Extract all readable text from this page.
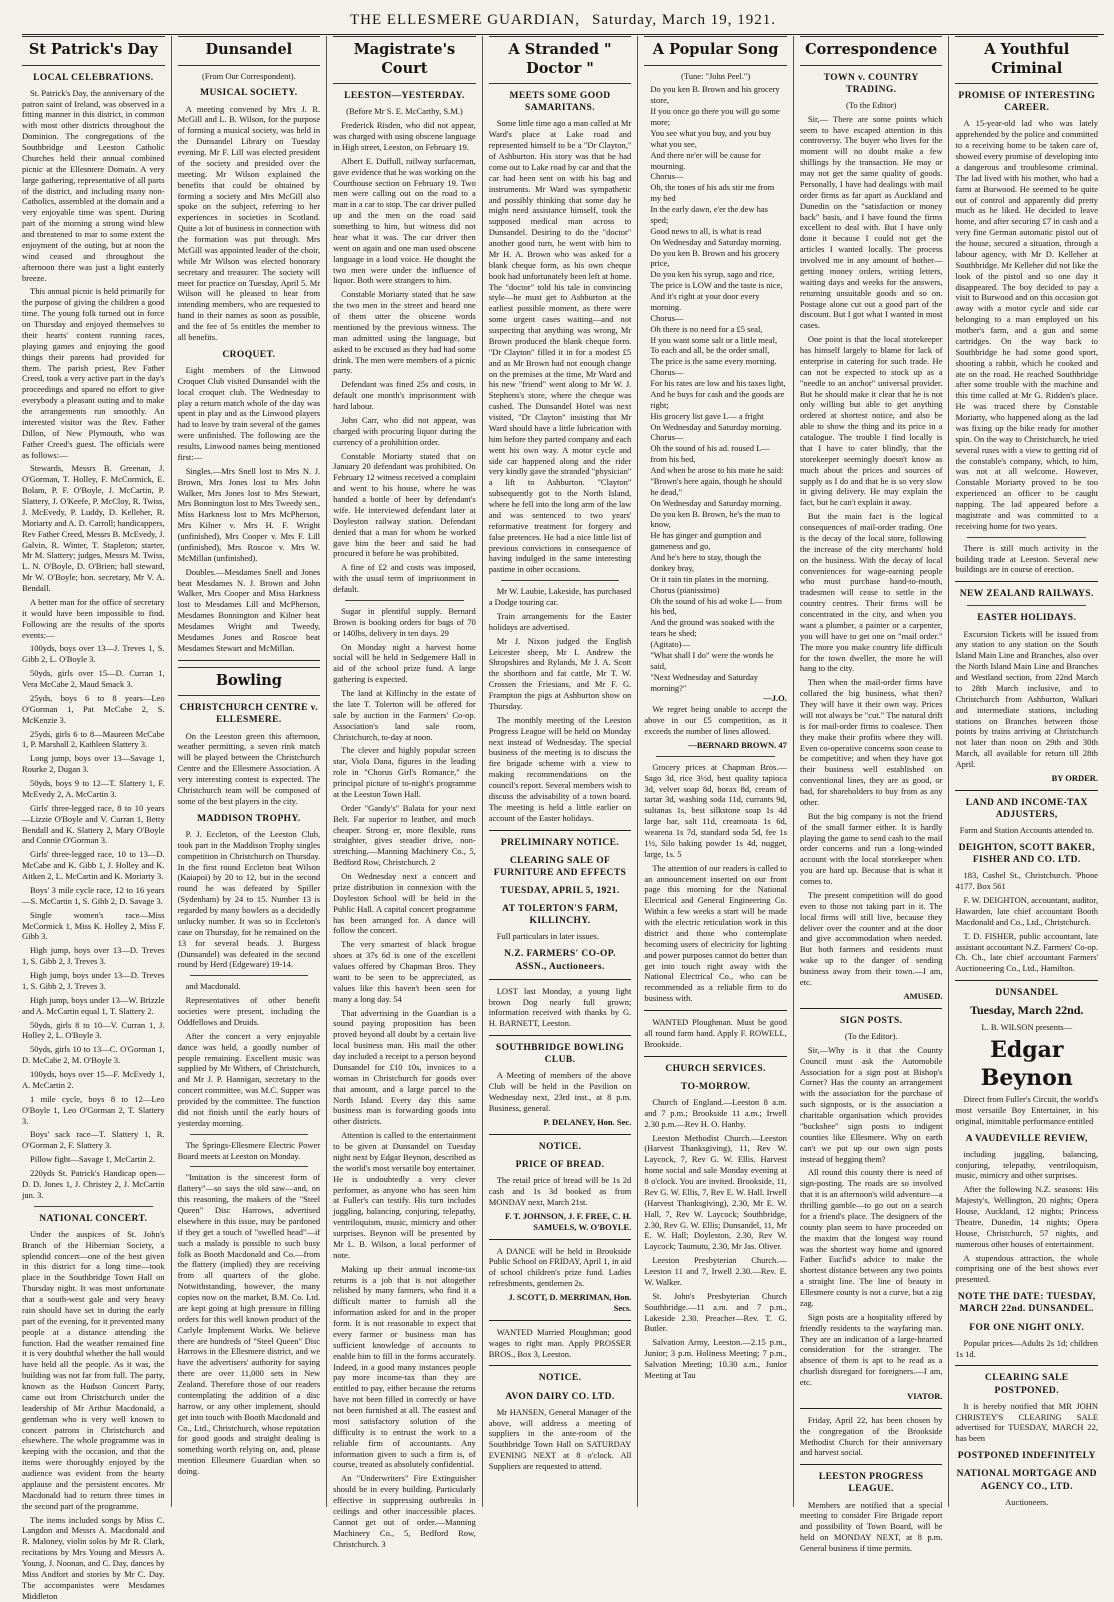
THE ELLESMERE GUARDIAN, Saturday, March 19, 1921.
St Patrick's Day
LOCAL CELEBRATIONS.

St. Patrick's Day, the anniversary of the patron saint of Ireland, was observed in a fitting manner in this district, in common with most other districts throughout the Dominion. The congregations of the Southbridge and Leeston Catholic Churches held their annual combined picnic at the Ellesmere Domain. A very large gathering, representative of all parts of the district, and including many non-Catholics, assembled at the domain and a very enjoyable time was spent. During part of the morning a strong wind blew and threatened to mar to some extent the enjoyment of the outing, but at noon the wind ceased and throughout the afternoon there was just a light easterly breeze.

This annual picnic is held primarily for the purpose of giving the children a good time. The young folk turned out in force on Thursday and enjoyed themselves to their hearts' content running races, playing games and enjoying the good things their parents had provided for them. The parish priest, Rev Father Creed, took a very active part in the day's proceedings and spared no effort to give everybody a pleasant outing and to make the arrangements run smoothly. An interested visitor was the Rev. Father Dillon, of New Plymouth, who was Father Creed's guest. The officials were as follows:—

Stewards, Messrs B. Greenan, J. O'Gorman, T. Holley, F. McCormick, E. Bolam, P. F. O'Boyle, J. McCartin, P. Slattery, J. O'Keefe, P. McCloy, R. Twiss, J. McEvedy, P. Luddy, D. Kelleher, R. Moriarty and A. D. Carroll; handicappers, Rev Father Creed, Messrs B. McEvedy, J. Galvin, R. Winter, T. Stapleton; starter, Mr M. Slattery; judges, Messrs M. Twiss, L. N. O'Boyle, D. O'Brien; ball steward, Mr W. O'Boyle; hon. secretary, Mr V. A. Bendall.

A better man for the office of secretary it would have been impossible to find. Following are the results of the sports events:—

100yds, boys over 13—J. Treves 1, S. Gibb 2, L. O'Boyle 3.

50yds, girls over 15—D. Curran 1, Vera McCabe 2, Maud Smack 3.

25yds, boys 6 to 8 years—Leo O'Gorman 1, Pat McCabe 2, S. McKenzie 3.

25yds, girls 6 to 8—Maureen McCabe 1, P. Marshall 2, Kathleen Slattery 3.

Long jump, boys over 13—Savage 1, Rourke 2, Dugan 3.

50yds, boys 9 to 12—T. Slattery 1, F. McEvedy 2, A. McCartin 3.

Girls' three-legged race, 8 to 10 years—Lizzie O'Boyle and V. Curran 1, Betty Bendall and K. Slattery 2, Mary O'Boyle and Connie O'Gorman 3.

Girls' three-legged race, 10 to 13—D. McCabe and K. Gibb 1, J. Holley and K. Aitken 2, L. McCartin and K. Moriarty 3.

Boys' 3 mile cycle race, 12 to 16 years—S. McCartin 1, S. Gibb 2, D. Savage 3.

Single women's race—Miss McCormick 1, Miss K. Holley 2, Miss F. Gibb 3.

High jump, boys over 13—D. Treves 1, S. Gibb 2, J. Treves 3.

High jump, boys under 13—D. Treves 1, S. Gibb 2, J. Treves 3.

High jump, boys under 13—W. Brizzle and A. McCartin equal 1, T. Slattery 2.

50yds, girls 8 to 10—V. Curran 1, J. Holley 2, L. O'Boyle 3.

50yds, girls 10 to 13—C. O'Gorman 1, D. McCabe 2, M. O'Boyle 3.

100yds, boys over 15—F. McEvedy 1, A. McCartin 2.

1 mile cycle, boys 8 to 12—Leo O'Boyle 1, Leo O'Gorman 2, T. Slattery 3.

Boys' sack race—T. Slattery 1, R. O'Gorman 2, F. Slattery 3.

Pillow fight—Savage 1, McCartin 2.

220yds St. Patrick's Handicap open—D. D. Jones 1, J. Christey 2, J. McCartin jun. 3.

NATIONAL CONCERT.

Under the auspices of St. John's Branch of the Hibernian Society, a splendid concert—one of the best given in this district for a long time—took place in the Southbridge Town Hall on Thursday night. It was most unfortunate that a south-west gale and very heavy rain should have set in during the early part of the evening, for it prevented many people at a distance attending the function. Had the weather remained fine it is very doubtful whether the hall would have held all the people. As it was, the building was not far from full. The party, known as the Hudson Concert Party, came out from Christchurch under the leadership of Mr Arthur Macdonald, a gentleman who is very well known to concert patrons in Christchurch and elsewhere. The whole programme was in keeping with the occasion, and that the items were thoroughly enjoyed by the audience was evident from the hearty applause and the persistent encores. Mr Macdonald had to return three times in the second part of the programme.

The items included songs by Miss C. Langdon and Messrs A. Macdonald and R. Maloney, violin solos by Mr R. Clark, recitations by Mrs Young and Messrs A. Young, J. Noonan, and C. Day, dances by Miss Andfort and stories by Mr C. Day. The accompanistes were Mesdames Middleton

Dunsandel
(From Our Correspondent).
MUSICAL SOCIETY.

A meeting convened by Mrs J. R. McGill and L. B. Wilson, for the purpose of forming a musical society, was held in the Dunsandel Library on Tuesday evening. Mr F. Lill was elected president of the society and presided over the meeting. Mr Wilson explained the benefits that could be obtained by forming a society and Mrs McGill also spoke on the subject, referring to her experiences in societies in Scotland. Quite a lot of business in connection with the formation was put through. Mrs McGill was appointed leader of the choir, while Mr Wilson was elected honorary secretary and treasurer. The society will meet for practice on Tuesday, April 5. Mr Wilson will be pleased to hear from intending members, who are requested to hand in their names as soon as possible, and the fee of 5s entitles the member to all benefits.

CROQUET.

Eight members of the Linwood Croquet Club visited Dunsandel with the local croquet club. The Wednesday to play a return match whole of the day was spent in play and as the Linwood players had to leave by train several of the games were unfinished. The following are the results, Linwood names being mentioned first:—

Singles.—Mrs Snell lost to Mrs N. J. Brown, Mrs Jones lost to Mrs John Walker, Mrs Jones lost to Mrs Stewart, Mrs Bonnington lost to Mrs Tweedy sen., Miss Harkness lost to Mrs McPherson, Mrs Kilner v. Mrs H. F. Wright (unfinished), Mrs Cooper v. Mrs F. Lill (unfinished), Mrs Roscoe v. Mrs W. McMillan (unfinished).

Doubles.—Mesdames Snell and Jones beat Mesdames N. J. Brown and John Walker, Mrs Cooper and Miss Harkness lost to Mesdames Lill and McPherson, Mesdames Bonnington and Kilner beat Mesdames Wright and Tweedy, Mesdames Jones and Roscoe beat Mesdames Stewart and McMillan.

Bowling
CHRISTCHURCH CENTRE v. ELLESMERE.

On the Leeston green this afternoon, weather permitting, a seven rink match will be played between the Christchurch Centre and the Ellesmere Association. A very interesting contest is expected. The Christchurch team will be composed of some of the best players in the city.

MADDISON TROPHY.

P. J. Eccleton, of the Leeston Club, took part in the Maddison Trophy singles competition in Christchurch on Thursday. In the first round Eccleton beat Wilson (Kaiapoi) by 20 to 12, but in the second round he was defeated by Spiller (Sydenham) by 24 to 15. Number 13 is regarded by many bowlers as a decidedly unlucky number. It was so in Eccleton's case on Thursday, for he remained on the 13 for several heads. J. Burgess (Dunsandel) was defeated in the second round by Herd (Edgeware) 19-14.

and Macdonald.

Representatives of other benefit societies were present, including the Oddfellows and Druids.

After the concert a very enjoyable dance was held, a goodly number of people remaining. Excellent music was supplied by Mr Withers, of Christchurch, and Mr J. P. Hannigan, secretary to the concert committee, was M.C. Supper was provided by the committee. The function did not finish until the early hours of yesterday morning.

The Springs-Ellesmere Electric Power Board meets at Leeston on Monday.

"Imitation is the sincerest form of flattery"—so says the old saw—and, on this reasoning, the makers of the "Steel Queen" Disc Harrows, advertised elsewhere in this issue, may be pardoned if they get a touch of "swelled head"—if such a malady is possible to such busy folk as Booth Macdonald and Co.—from the flattery (implied) they are receiving from all quarters of the globe. Notwithstanding, however, the many copies now on the market, B.M. Co. Ltd. are kept going at high pressure in filling orders for this well known product of the Carlyle Implement Works. We believe there are hundreds of "Steel Queen" Disc Harrows in the Ellesmere district, and we have the advertisers' authority for saying there are over 11,000 sets in New Zealand. Therefore those of our readers contemplating the addition of a disc harrow, or any other implement, should get into touch with Booth Macdonald and Co., Ltd., Christchurch, whose reputation for good goods and straight dealing is something worth relying on, and, please mention Ellesmere Guardian when so doing.

Magistrate's Court
LEESTON—YESTERDAY.
(Before Mr S. E. McCarthy, S.M.)

Frederick Risden, who did not appear, was charged with using obscene language in High street, Leeston, on February 19.

Albert E. Duffull, railway surfaceman, gave evidence that he was working on the Courthouse section on February 19. Two men were calling out on the road to a man in a car to stop. The car driver pulled up and the men on the road said something to him, but witness did not hear what it was. The car driver then went on again and one man used obscene language in a loud voice. He thought the two men were under the influence of liquor. Both were strangers to him.

Constable Moriarty stated that he saw the two men in the street and heard one of them utter the obscene words mentioned by the previous witness. The man admitted using the language, but asked to be excused as they had had some drink. The men were members of a picnic party.

Defendant was fined 25s and costs, in default one month's imprisonment with hard labour.

John Carr, who did not appear, was charged with procuring liquor during the currency of a prohibition order.

Constable Moriarty stated that on January 20 defendant was prohibited. On February 12 witness received a complaint and went to his house, where he was handed a bottle of beer by defendant's wife. He interviewed defendant later at Doyleston railway station. Defendant denied that a man for whom he worked gave him the beer and said he had procured it before he was prohibited.

A fine of £2 and costs was imposed, with the usual term of imprisonment in default.

Sugar in plentiful supply. Bernard Brown is booking orders for bags of 70 or 140lbs, delivery in ten days. 29

On Monday night a harvest home social will be held in Sedgemere Hall in aid of the school prize fund. A large gathering is expected.

The land at Killinchy in the estate of the late T. Tolerton will be offered for sale by auction in the Farmers' Co-op. Association's land sale room, Christchurch, to-day at noon.

The clever and highly popular screen star, Viola Dana, figures in the leading role in "Chorus Girl's Romance," the principal picture of to-night's programme at the Leeston Town Hall.

Order "Gandy's" Balata for your next Belt. Far superior to leather, and much cheaper. Strong er, more flexible, runs straighter, gives steadier drive, non-stretching.—Manning Machinery Co., 5, Bedford Row, Christchurch. 2

On Wednesday next a concert and prize distribution in connexion with the Doyleston School will be held in the Public Hall. A capital concert programme has been arranged for. A dance will follow the concert.

The very smartest of black brogue shoes at 37s 6d is one of the excellent values offered by Chapman Bros. They want to be seen to be appreciated, as values like this haven't been seen for many a long day. 54

That advertising in the Guardian is a sound paying proposition has been proved beyond all doubt by a certain live local business man. His mail the other day included a receipt to a person beyond Dunsandel for £10 10s, invoices to a woman in Christchurch for goods over that amount, and a large parcel to the North Island. Every day this same business man is forwarding goods into other districts.

Attention is called to the entertainment to be given at Dunsandel on Tuesday night next by Edgar Beynon, described as the world's most versatile boy entertainer. He is undoubtedly a very clever performer, as anyone who has seen him at Fuller's can testify. His turn includes juggling, balancing, conjuring, telepathy, ventriloquism, music, mimicry and other surprises. Beynon will be presented by Mr L. B. Wilson, a local performer of note.

Making up their annual income-tax returns is a job that is not altogether relished by many farmers, who find it a difficult matter to furnish all the information asked for and in the proper form. It is not reasonable to expect that every farmer or business man has sufficient knowledge of accounts to enable him to fill in the forms accurately. Indeed, in a good many instances people pay more income-tax than they are entitled to pay, either because the returns have not been filled in correctly or have not been furnished at all. The easiest and most satisfactory solution of the difficulty is to entrust the work to a reliable firm of accountants. Any information given to such a firm is, of course, treated as absolutely confidential.

An "Underwriters" Fire Extinguisher should be in every building. Particularly effective in suppressing outbreaks in ceilings and other inaccessible places. Cannot get out of order.—Manning Machinery Co., 5, Bedford Row, Christchurch. 3

A Stranded " Doctor "
MEETS SOME GOOD SAMARITANS.

Some little time ago a man called at Mr Ward's place at Lake road and represented himself to be a "Dr Clayton," of Ashburton. His story was that he had come out to Lake road by car and that the car had been sent on with his bag and instruments. Mr Ward was sympathetic and possibly thinking that some day he might need assistance himself, took the supposed medical man across to Dunsandel. Desiring to do the "doctor" another good turn, he went with him to Mr H. A. Brown who was asked for a blank cheque form, as his own cheque book had unfortunately been left at home. The "doctor" told his tale in convincing style—he must get to Ashburton at the earliest possible moment, as there were some urgent cases waiting—and not suspecting that anything was wrong, Mr Brown produced the blank cheque form. "Dr Clayton" filled it in for a modest £5 and as Mr Brown had not enough change on the premises at the time, Mr Ward and his new "friend" went along to Mr W. J. Stephens's store, where the cheque was cashed. The Dunsandel Hotel was next visited, "Dr Clayton" insisting that Mr Ward should have a little lubrication with him before they parted company and each went his own way. A motor cycle and side car happened along and the rider very kindly gave the stranded "physician" a lift to Ashburton. "Clayton" subsequently got to the North Island, where he fell into the long arm of the law and was sentenced to two years' reformative treatment for forgery and false pretences. He had a nice little list of previous convictions in consequence of having indulged in the same interesting pastime in other occasions.

Mr W. Laubie, Lakeside, has purchased a Dodge touring car.

Train arrangements for the Easter holidays are advertised.

Mr J. Nixon judged the English Leicester sheep, Mr I. Andrew the Shropshires and Rylands, Mr J. A. Scott the shorthorn and fat cattle, Mr T. W. Crossen the Friesians, and Mr F. G. Frampton the pigs at Ashburton show on Thursday.

The monthly meeting of the Leeston Progress League will be held on Monday next instead of Wednesday. The special business of the meeting is to discuss the fire brigade scheme with a view to making recommendations on the council's report. Several members wish to discuss the advisability of a town board. The meeting is held a little earlier on account of the Easter holidays.

PRELIMINARY NOTICE.
CLEARING SALE OF FURNITURE AND EFFECTS
TUESDAY, APRIL 5, 1921.
AT TOLERTON'S FARM, KILLINCHY.

Full particulars in later issues.

N.Z. FARMERS' CO-OP. ASSN., Auctioneers.

LOST last Monday, a young light brown Dog nearly full grown; information received with thanks by G. H. BARNETT, Leeston.

SOUTHBRIDGE BOWLING CLUB.

A Meeting of members of the above Club will be held in the Pavilion on Wednesday next, 23rd inst., at 8 p.m. Business, general.

P. DELANEY, Hon. Sec.
NOTICE.
PRICE OF BREAD.

The retail price of bread will be 1s 2d cash and 1s 3d booked as from MONDAY next, March 21st.

F. T. JOHNSON, J. F. FREE, C. H. SAMUELS, W. O'BOYLE.

A DANCE will be held in Brookside Public School on FRIDAY, April 1, in aid of school children's prize fund. Ladies refreshments, gentlemen 2s.

J. SCOTT, D. MERRIMAN, Hon. Secs.

WANTED Married Ploughman; good wages to right man. Apply PROSSER BROS., Box 3, Leeston.

NOTICE.
AVON DAIRY CO. LTD.

Mr HANSEN, General Manager of the above, will address a meeting of suppliers in the ante-room of the Southbridge Town Hall on SATURDAY EVENING NEXT at 8 o'clock. All Suppliers are requested to attend.

A Popular Song
(Tune: "John Peel.")
Do you ken B. Brown and his grocery store,
If you once go there you will go some more;
You see what you buy, and you buy what you see,
And there ne'er will be cause for mourning.
Chorus—
Oh, the tones of his ads stir me from my bed
In the early dawn, e'er the dew has sped;
Good news to all, is what is read
On Wednesday and Saturday morning.
Do you ken B. Brown and his grocery price,
Do you ken his syrup, sago and rice,
The price is LOW and the taste is nice,
And it's right at your door every morning.
Chorus—
Oh there is no need for a £5 seal,
If you want some salt or a little meal,
To each and all, be the order small,
The price is the same every morning.
Chorus—
For his rates are low and his taxes light,
And he buys for cash and the goods are right;
His grocery list gave L— a fright
On Wednesday and Saturday morning.
Chorus—
Oh the sound of his ad. roused L— from his bed,
And when he arose to his mate he said:
"Brown's here again, though he should be dead,"
On Wednesday and Saturday morning.
Do you ken B. Brown, he's the man to know,
He has ginger and gumption and gameness and go,
And he's here to stay, though the donkey bray,
Or it rain tin plates in the morning.
Chorus (pianissimo)
Oh the sound of his ad woke L— from his bed,
And the ground was soaked with the tears he shed;
(Agitato)—
"What shall I do" were the words he said,
"Next Wednesday and Saturday morning?"
—J.O.

We regret being unable to accept the above in our £5 competition, as it exceeds the number of lines allowed.

—BERNARD BROWN. 47

Grocery prices at Chapman Bros.—Sago 3d, rice 3½d, best quality tapioca 3d, velvet soap 8d, borax 8d, cream of tartar 3d, washing soda 11d, currants 9d, sultanas 1s, best silkstone soap 1s 4d large bar, salt 11d, creamoata 1s 6d, wearena 1s 7d, standard soda 5d, fee 1s 1½, Silo baking powder 1s 4d, nugget, large, 1s. 5

The attention of our readers is called to an announcement inserted on our front page this morning for the National Electrical and General Engineering Co. Within a few weeks a start will be made with the electric reticulation work in this district and those who contemplate becoming users of electricity for lighting and power purposes cannot do better than get into touch right away with the National Electrical Co., who can be recommended as a reliable firm to do business with.

WANTED Ploughman. Must be good all round farm hand. Apply F. ROWELL, Brookside.

CHURCH SERVICES.
TO-MORROW.

Church of England.—Leeston 8 a.m. and 7 p.m.; Brookside 11 a.m.; Irwell 2.30 p.m.—Rev H. O. Hanby.

Leeston Methodist Church.—Leeston (Harvest Thanksgiving), 11, Rev W. Laycock, 7, Rev G. W. Ellis. Harvest home social and sale Monday evening at 8 o'clock. You are invited. Brookside, 11, Rev G. W. Ellis, 7, Rev E. W. Hall. Irwell (Harvest Thanksgiving), 2.30, Mr E. W. Hall, 7, Rev W. Laycock; Southbridge, 2.30, Rev G. W. Ellis; Dunsandel, 11, Mr E. W. Hall; Doyleston, 2.30, Rev W. Laycock; Taumutu, 2.30, Mr Jas. Oliver.

Leeston Presbyterian Church.—Leeston 11 and 7, Irwell 2.30.—Rev. E. W. Walker.

St. John's Presbyterian Church Southbridge.—11 a.m. and 7 p.m., Lakeside 2.30. Preacher—Rev. T. G. Butler.

Salvation Army, Leeston.—2.15 p.m., Junior; 3 p.m. Holiness Meeting; 7 p.m., Salvation Meeting; 10.30 a.m., Junior Meeting at Tau

Correspondence
TOWN v. COUNTRY TRADING.
(To the Editor)

Sir,— There are some points which seem to have escaped attention in this controversy. The buyer who lives for the moment will no doubt make a few shillings by the transaction. He may or may not get the same quality of goods. Personally, I have had dealings with mail order firms as far apart as Auckland and Dunedin on the "satisfaction or money back" basis, and I have found the firms excellent to deal with. But I have only done it because I could not get the articles I wanted locally. The process involved me in any amount of bother—getting money orders, writing letters, waiting days and weeks for the answers, returning unsuitable goods and so on. Postage alone cut out a good part of the discount. But I got what I wanted in most cases.

One point is that the local storekeeper has himself largely to blame for lack of enterprise in catering for such trade. He can not be expected to stock up as a "needle to an anchor" universal provider. But he should make it clear that he is not only willing but able to get anything ordered at shortest notice, and also be able to show the thing and its price in a catalogue. The trouble I find locally is that I have to cater blindly, that the storekeeper seemingly doesn't know as much about the prices and sources of supply as I do and that he is so very slow in giving delivery. He may explain the fact, but he can't explain it away.

But the main fact is the logical consequences of mail-order trading. One is the decay of the local store, following the increase of the city merchants' hold on the business. With the decay of local conveniences for wage-earning people who must purchase hand-to-mouth, tradesmen will cease to settle in the country centres. Their firms will be concentrated in the city, and when you want a plumber, a painter or a carpenter, you will have to get one on "mail order." The more you make country life difficult for the town dweller, the more he will hang to the city.

Then when the mail-order firms have collared the big business, what then? They will have it their own way. Prices will not always be "cut." The natural drift is for mail-order firms to coalesce. Then they make their profits where they will. Even co-operative concerns soon cease to be competitive; and when they have got their business well established on conventional lines, they are as good, or bad, for shareholders to buy from as any other.

But the big company is not the friend of the small farmer either. It is hardly playing the game to send cash to the mail order concerns and run a long-winded account with the local storekeeper when you are hard up. Because that is what it comes to.

The present competition will do good even to those not taking part in it. The local firms will still live, because they deliver over the counter and at the door and give accommodation when needed. But both farmers and residents must wake up to the danger of sending business away from their town.—I am, etc.

AMUSED.
SIGN POSTS.
(To the Editor).

Sir,—Why is it that the County Council must ask the Automobile Association for a sign post at Bishop's Corner? Has the county an arrangement with the association for the purchase of such signposts, or is the association a charitable organisation which provides "buckshee" sign posts to indigent counties like Ellesmere. Why on earth can't we put up our own sign posts instead of begging them?

All round this county there is need of sign-posting. The roads are so involved that it is an afternoon's wild adventure—a thrilling gamble—to go out on a search for a friend's place. The designers of the county plan seem to have proceeded on the maxim that the longest way round was the shortest way home and ignored Father Euclid's advice to make the shortest distance between any two points a straight line. The line of beauty in Ellesmere county is not a curve, but a zig zag.

Sign posts are a hospitality offered by friendly residents to the wayfaring man. They are an indication of a large-hearted consideration for the stranger. The absence of them is apt to be read as a churlish disregard for foreigners.—I am, etc.

VIATOR.

Friday, April 22, has been chosen by the congregation of the Brookside Methodist Church for their anniversary and harvest social.

LEESTON PROGRESS LEAGUE.

Members are notified that a special meeting to consider Fire Brigade report and possibility of Town Board, will be held on MONDAY NEXT, at 8 p.m. General business if time permits.

A Youthful Criminal
PROMISE OF INTERESTING CAREER.

A 15-year-old lad who was lately apprehended by the police and committed to a receiving home to be taken care of, showed every promise of developing into a dangerous and troublesome criminal. The lad lived with his mother, who had a farm at Burwood. He seemed to be quite out of control and apparently did pretty much as he liked. He decided to leave home, and after securing £7 in cash and a very fine German automatic pistol out of the house, secured a situation, through a labour agency, with Mr D. Kelleher at Southbridge. Mr Kelleher did not like the look of the pistol and so one day it disappeared. The boy decided to pay a visit to Burwood and on this occasion got away with a motor cycle and side car belonging to a man employed on his mother's farm, and a gun and some cartridges. On the way back to Southbridge he had some good sport, shooting a rabbit, which he cooked and ate on the road. He reached Southbridge after some trouble with the machine and this time called at Mr G. Ridden's place. He was traced there by Constable Moriarty, who happened along as the lad was fixing up the bike ready for another spin. On the way to Christchurch, he tried several ruses with a view to getting rid of the constable's company, which, to him, was not at all welcome. However, Constable Moriarty proved to be too experienced an officer to be caught napping. The lad appeared before a magistrate and was committed to a receiving home for two years.

There is still much activity in the building trade at Leeston. Several new buildings are in course of erection.

NEW ZEALAND RAILWAYS.
EASTER HOLIDAYS.

Excursion Tickets will be issued from any station to any station on the South Island Main Line and Branches, also over the North Island Main Line and Branches and Westland section, from 22nd March to 28th March inclusive, and to Christchurch from Ashburton, Walkari and intermediate stations, including stations on Branches between those points by trains arriving at Christchurch not later than noon on 29th and 30th March, all available for return till 28th April.

BY ORDER.
LAND AND INCOME-TAX ADJUSTERS,
Farm and Station Accounts attended to.
DEIGHTON, SCOTT BAKER, FISHER AND CO. LTD.

183, Cashel St., Christchurch. 'Phone 4177. Box 561

F. W. DEIGHTON, accountant, auditor, Hawarden, late chief accountant Booth Macdonald and Co., Ltd., Christchurch.

T. D. FISHER, public accountant, late assistant accountant N.Z. Farmers' Co-op. Ch. Ch., late chief accountant Farmers' Auctioneering Co., Ltd., Hamilton.

DUNSANDEL
Tuesday, March 22nd.
L. B. WILSON presents—
Edgar Beynon

Direct from Fuller's Circuit, the world's most versatile Boy Entertainer, in his original, inimitable performance entitled

A VAUDEVILLE REVIEW,

including juggling, balancing, conjuring, telepathy, ventriloquism, music, mimicry and other surprises.

After the following N.Z. seasons: His Majesty's, Wellington, 20 nights; Opera House, Auckland, 12 nights; Princess Theatre, Dunedin, 14 nights; Opera House, Christchurch, 57 nights, and numerous other houses of entertainment.

A stupendous attraction, the whole comprising one of the best shows ever presented.

NOTE THE DATE: TUESDAY, MARCH 22nd. DUNSANDEL.
FOR ONE NIGHT ONLY.

Popular prices—Adults 2s 1d; children 1s 1d.

CLEARING SALE POSTPONED.

It is hereby notified that MR JOHN CHRISTEY'S CLEARING SALE advertised for TUESDAY, MARCH 22, has been

POSTPONED INDEFINITELY
NATIONAL MORTGAGE AND AGENCY CO., LTD.
Auctioneers.
